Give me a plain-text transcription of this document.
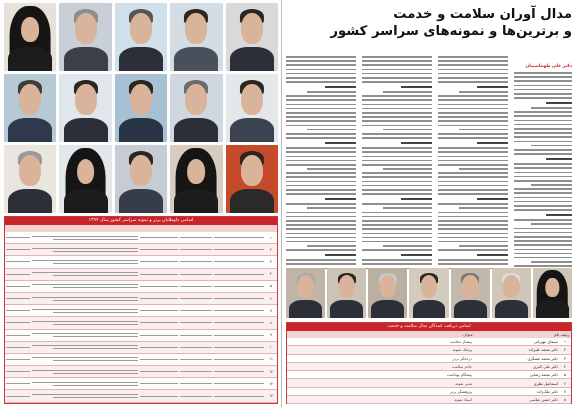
اسامی داوطلبان برتر و نمونه سراسر کشور سال ۱۳۹۴
۱
۲
۳
۴
۵
۶
۷
۸
۹
۱۰
۱۱
۱۲
۱۳
۱۴
مدال آوران سلامت و خدمت
و برترین‌ها و نمونه‌های سراسر کشور
دکتر علی طهماسبیان
اسامی دریافت کنندگان مدال سلامت و خدمت
ردیف
نام
عنوان
۱
سیمای مهربانی
پیشتاز سلامت
۲
دکتر محمد علیزاده
پزشک نمونه
۳
دکتر محمد عسگری
درمانگر برتر
۴
دکتر علی اکبری
خادم سلامت
۵
دکتر محمد رضایی
پیشگام بهداشت
۶
اسماعیل نظری
مدیر نمونه
۷
دکتر ملک‌زاده
پژوهشگر برتر
۸
دکتر حسن عباسی
استاد نمونه
